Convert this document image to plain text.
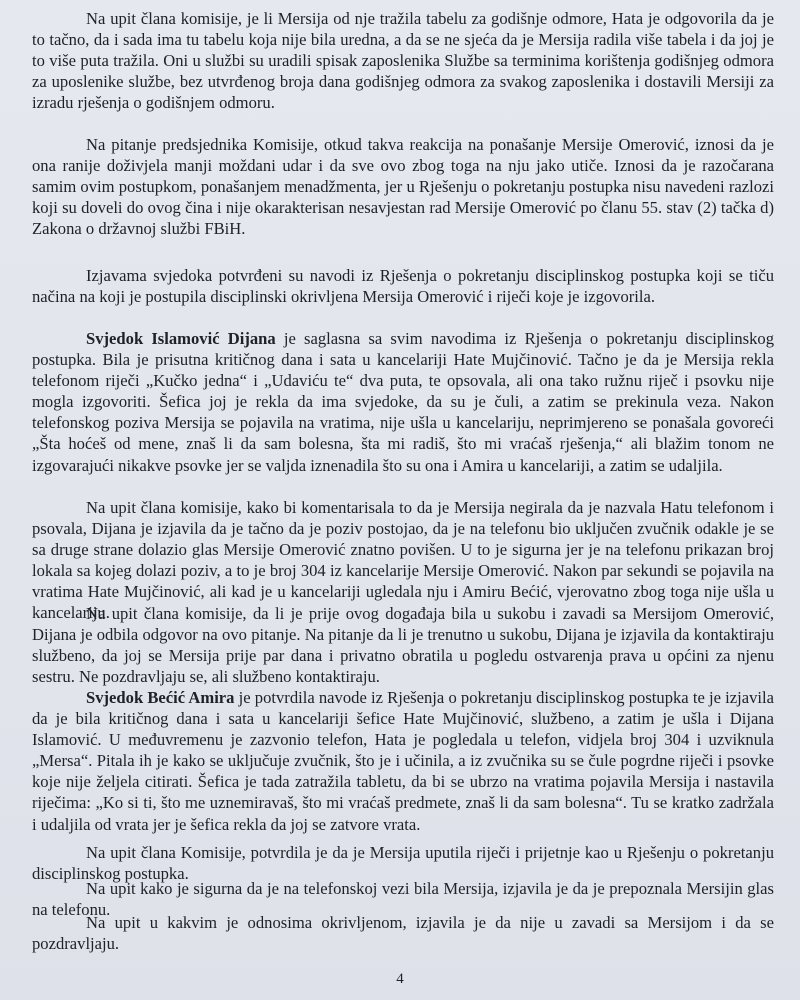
Na upit člana komisije, je li Mersija od nje tražila tabelu za godišnje odmore, Hata je odgovorila da je to tačno, da i sada ima tu tabelu koja nije bila uredna, a da se ne sjeća da je Mersija radila više tabela i da joj je to više puta tražila. Oni u službi su uradili spisak zaposlenika Službe sa terminima korištenja godišnjeg odmora za uposlenike službe, bez utvrđenog broja dana godišnjeg odmora za svakog zaposlenika i dostavili Mersiji za izradu rješenja o godišnjem odmoru.

Na pitanje predsjednika Komisije, otkud takva reakcija na ponašanje Mersije Omerović, iznosi da je ona ranije doživjela manji moždani udar i da sve ovo zbog toga na nju jako utiče. Iznosi da je razočarana samim ovim postupkom, ponašanjem menadžmenta, jer u Rješenju o pokretanju postupka nisu navedeni razlozi koji su doveli do ovog čina i nije okarakterisan nesavjestan rad Mersije Omerović po članu 55. stav (2) tačka d) Zakona o državnoj službi FBiH.

Izjavama svjedoka potvrđeni su navodi iz Rješenja o pokretanju disciplinskog postupka koji se tiču načina na koji je postupila disciplinski okrivljena Mersija Omerović i riječi koje je izgovorila.

Svjedok Islamović Dijana je saglasna sa svim navodima iz Rješenja o pokretanju disciplinskog postupka. Bila je prisutna kritičnog dana i sata u kancelariji Hate Mujčinović. Tačno je da je Mersija rekla telefonom riječi „Kučko jedna“ i „Udaviću te“ dva puta, te opsovala, ali ona tako ružnu riječ i psovku nije mogla izgovoriti. Šefica joj je rekla da ima svjedoke, da su je čuli, a zatim se prekinula veza. Nakon telefonskog poziva Mersija se pojavila na vratima, nije ušla u kancelariju, neprimjereno se ponašala govoreći „Šta hoćeš od mene, znaš li da sam bolesna, šta mi radiš, što mi vraćaš rješenja,“ ali blažim tonom ne izgovarajući nikakve psovke jer se valjda iznenadila što su ona i Amira u kancelariji, a zatim se udaljila.

Na upit člana komisije, kako bi komentarisala to da je Mersija negirala da je nazvala Hatu telefonom i psovala, Dijana je izjavila da je tačno da je poziv postojao, da je na telefonu bio uključen zvučnik odakle je se sa druge strane dolazio glas Mersije Omerović znatno povišen. U to je sigurna jer je na telefonu prikazan broj lokala sa kojeg dolazi poziv, a to je broj 304 iz kancelarije Mersije Omerović. Nakon par sekundi se pojavila na vratima Hate Mujčinović, ali kad je u kancelariji ugledala nju i Amiru Bećić, vjerovatno zbog toga nije ušla u kancelariju.

Na upit člana komisije, da li je prije ovog događaja bila u sukobu i zavadi sa Mersijom Omerović, Dijana je odbila odgovor na ovo pitanje. Na pitanje da li je trenutno u sukobu, Dijana je izjavila da kontaktiraju službeno, da joj se Mersija prije par dana i privatno obratila u pogledu ostvarenja prava u općini za njenu sestru. Ne pozdravljaju se, ali službeno kontaktiraju.

Svjedok Bećić Amira je potvrdila navode iz Rješenja o pokretanju disciplinskog postupka te je izjavila da je bila kritičnog dana i sata u kancelariji šefice Hate Mujčinović, službeno, a zatim je ušla i Dijana Islamović. U međuvremenu je zazvonio telefon, Hata je pogledala u telefon, vidjela broj 304 i uzviknula „Mersa“. Pitala ih je kako se uključuje zvučnik, što je i učinila, a iz zvučnika su se čule pogrdne riječi i psovke koje nije željela citirati. Šefica je tada zatražila tabletu, da bi se ubrzo na vratima pojavila Mersija i nastavila riječima: „Ko si ti, što me uznemiravaš, što mi vraćaš predmete, znaš li da sam bolesna“. Tu se kratko zadržala i udaljila od vrata jer je šefica rekla da joj se zatvore vrata.

Na upit člana Komisije, potvrdila je da je Mersija uputila riječi i prijetnje kao u Rješenju o pokretanju disciplinskog postupka.

Na upit kako je sigurna da je na telefonskoj vezi bila Mersija, izjavila je da je prepoznala Mersijin glas na telefonu.

Na upit u kakvim je odnosima okrivljenom, izjavila je da nije u zavadi sa Mersijom i da se pozdravljaju.

4
